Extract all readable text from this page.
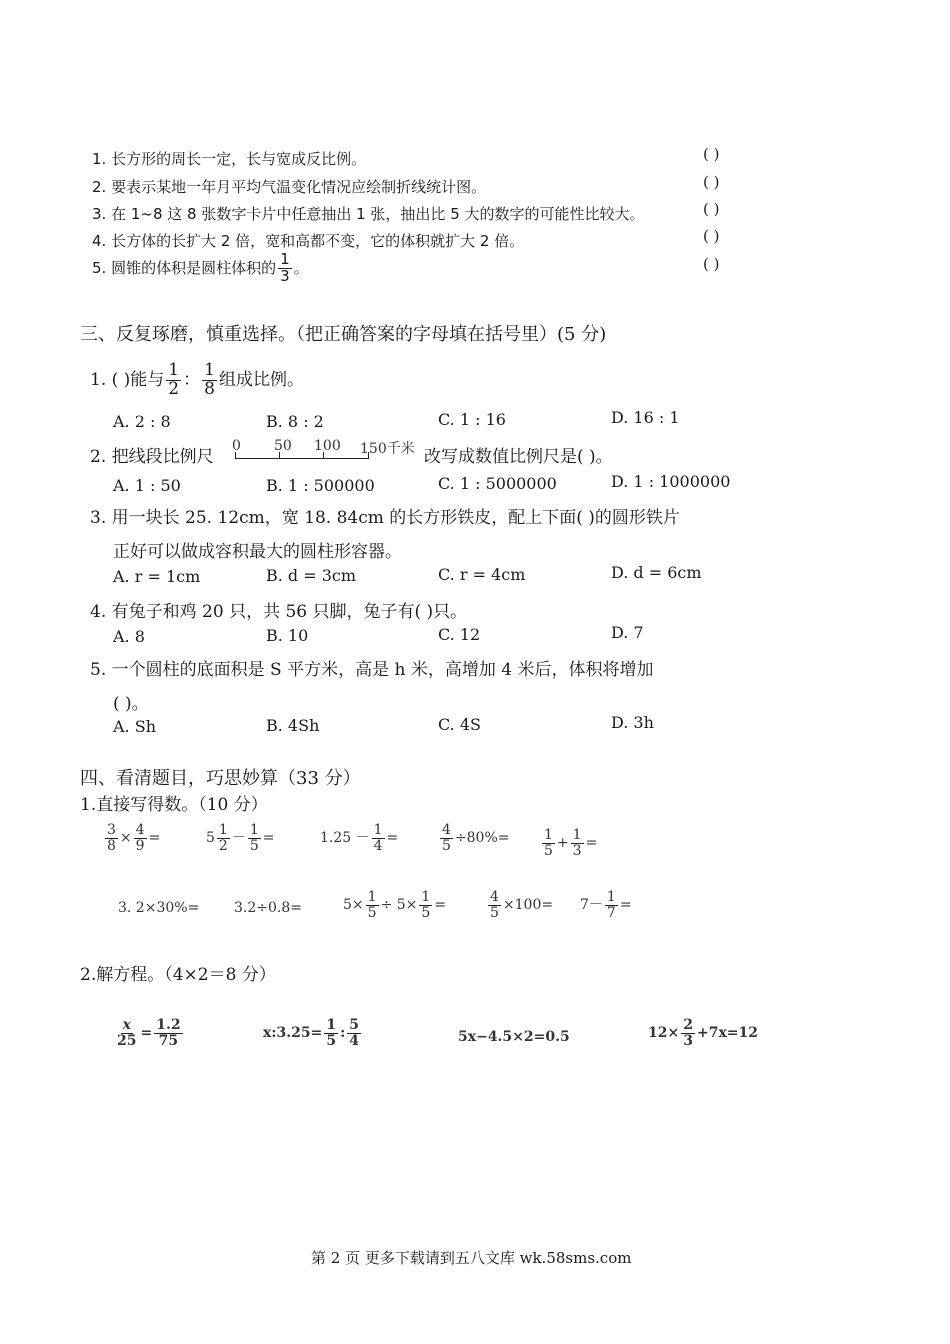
1. 长方形的周长一定，长与宽成反比例。	( )
2. 要表示某地一年月平均气温变化情况应绘制折线统计图。	( )
3. 在 1~8 这 8 张数字卡片中任意抽出 1 张，抽出比 5 大的数字的可能性比较大。	( )
4. 长方体的长扩大 2 倍，宽和高都不变，它的体积就扩大 2 倍。	( )
5. 圆锥的体积是圆柱体积的 $\frac{1}{3}$ 。	( )
三、反复琢磨，慎重选择。（把正确答案的字母填在括号里）(5 分)
1. ( )能与 $\frac{1}{2}$ ： $\frac{1}{8}$ 组成比例。
A. 2 : 8	B. 8 : 2	C. 1 : 16	D. 16 : 1
2. 把线段比例尺
0 50 100 150千米 改写成数值比例尺是( )。
A. 1 : 50	B. 1 : 500000	C. 1 : 5000000	D. 1 : 1000000
3. 用一块长 25. 12cm，宽 18. 84cm 的长方形铁皮，配上下面( )的圆形铁片
正好可以做成容积最大的圆柱形容器。
A. r = 1cm	B. d = 3cm	C. r = 4cm	D. d = 6cm
4. 有兔子和鸡 20 只，共 56 只脚，兔子有( )只。
A. 8	B. 10	C. 12	D. 7
5. 一个圆柱的底面积是 S 平方米，高是 h 米，高增加 4 米后，体积将增加
( )。
A. Sh	B. 4Sh	C. 4S	D. 3h
四、看清题目，巧思妙算（33 分）
1.直接写得数。（10 分）
$\frac{3}{8} \times \frac{4}{9}$ =	$5 \frac{1}{2} - \frac{1}{5}$ =	$1.25 - \frac{1}{4}$ =	$\frac{4}{5} \div 80\%= \frac{1}{5} + \frac{1}{3}$ =
3. 2×30%= 3.2÷0.8=	$5\times \frac{1}{5} \div 5\times \frac{1}{5}$ =	$\frac{4}{5} \times 100= 7- \frac{1}{7}$ =
2.解方程。（4×2＝8 分）
$\frac{x}{25} = \frac{1.2}{75}$	x:3.25= $\frac{1}{5}$ : $\frac{5}{4}$	5x−4.5×2=0.5	$12\times \frac{2}{3} +7x=12$
第 2 页 更多下载请到五八文库 wk.58sms.com
